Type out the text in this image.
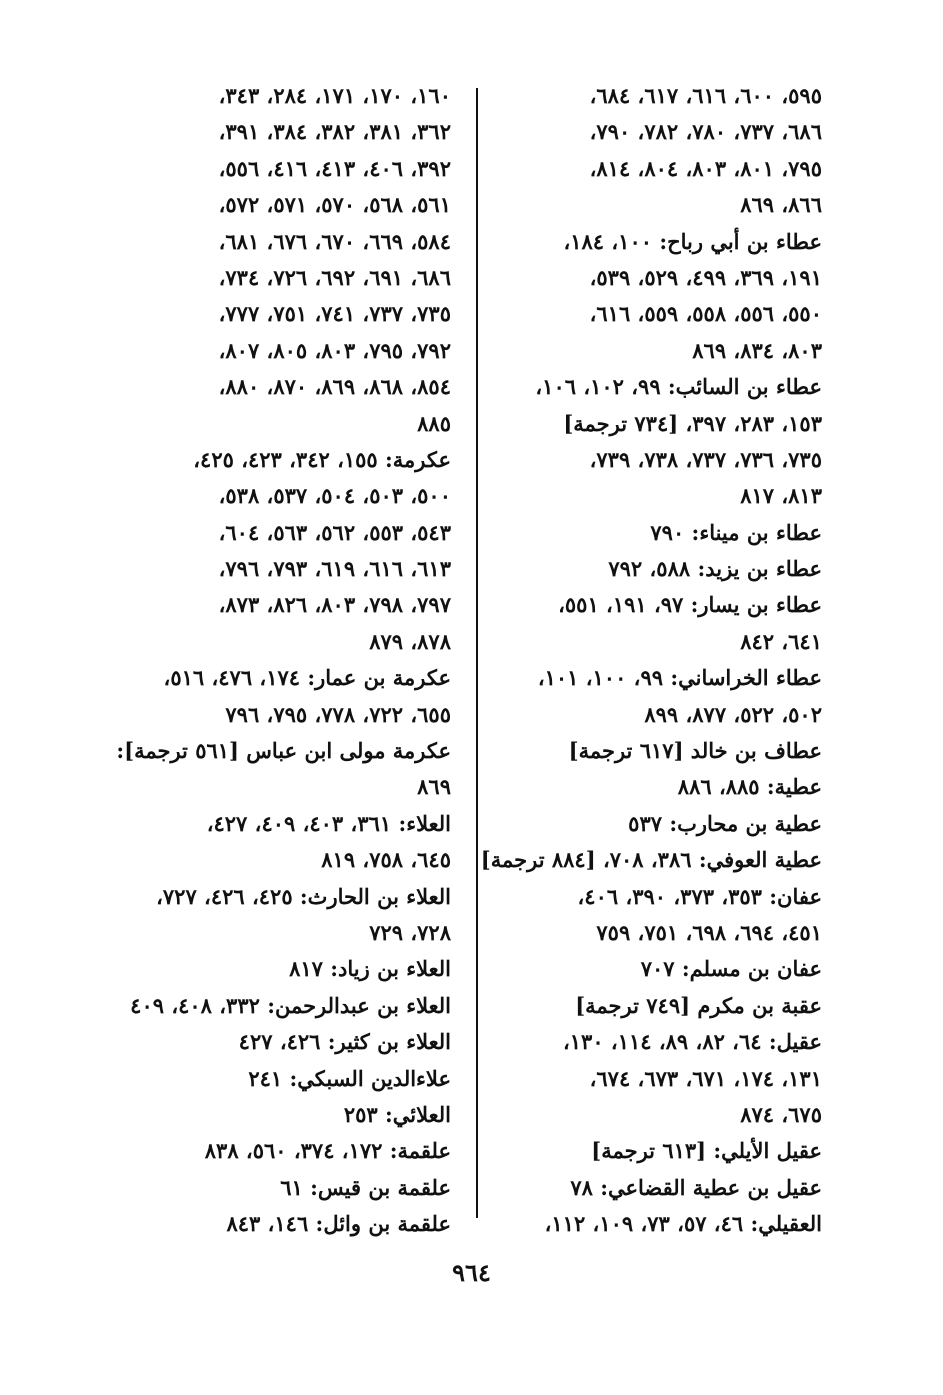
٥٩٥، ٦٠٠، ٦١٦، ٦١٧، ٦٨٤،
٦٨٦، ٧٣٧، ٧٨٠، ٧٨٢، ٧٩٠،
٧٩٥، ٨٠١، ٨٠٣، ٨٠٤، ٨١٤،
٨٦٦، ٨٦٩
عطاء بن أبي رباح: ١٠٠، ١٨٤،
١٩١، ٣٦٩، ٤٩٩، ٥٢٩، ٥٣٩،
٥٥٠، ٥٥٦، ٥٥٨، ٥٥٩، ٦١٦،
٨٠٣، ٨٣٤، ٨٦٩
عطاء بن السائب: ٩٩، ١٠٢، ١٠٦،
١٥٣، ٢٨٣، ٣٩٧، [٧٣٤ ترجمة]
٧٣٥، ٧٣٦، ٧٣٧، ٧٣٨، ٧٣٩،
٨١٣، ٨١٧
عطاء بن ميناء: ٧٩٠
عطاء بن يزيد: ٥٨٨، ٧٩٢
عطاء بن يسار: ٩٧، ١٩١، ٥٥١،
٦٤١، ٨٤٢
عطاء الخراساني: ٩٩، ١٠٠، ١٠١،
٥٠٢، ٥٢٢، ٨٧٧، ٨٩٩
عطاف بن خالد [٦١٧ ترجمة]
عطية: ٨٨٥، ٨٨٦
عطية بن محارب: ٥٣٧
عطية العوفي: ٣٨٦، ٧٠٨، [٨٨٤ ترجمة]
عفان: ٣٥٣، ٣٧٣، ٣٩٠، ٤٠٦،
٤٥١، ٦٩٤، ٦٩٨، ٧٥١، ٧٥٩
عفان بن مسلم: ٧٠٧
عقبة بن مكرم [٧٤٩ ترجمة]
عقيل: ٦٤، ٨٢، ٨٩، ١١٤، ١٣٠،
١٣١، ١٧٤، ٦٧١، ٦٧٣، ٦٧٤،
٦٧٥، ٨٧٤
عقيل الأيلي: [٦١٣ ترجمة]
عقيل بن عطية القضاعي: ٧٨
العقيلي: ٤٦، ٥٧، ٧٣، ١٠٩، ١١٢،
١٦٠، ١٧٠، ١٧١، ٢٨٤، ٣٤٣،
٣٦٢، ٣٨١، ٣٨٢، ٣٨٤، ٣٩١،
٣٩٢، ٤٠٦، ٤١٣، ٤١٦، ٥٥٦،
٥٦١، ٥٦٨، ٥٧٠، ٥٧١، ٥٧٢،
٥٨٤، ٦٦٩، ٦٧٠، ٦٧٦، ٦٨١،
٦٨٦، ٦٩١، ٦٩٢، ٧٢٦، ٧٣٤،
٧٣٥، ٧٣٧، ٧٤١، ٧٥١، ٧٧٧،
٧٩٢، ٧٩٥، ٨٠٣، ٨٠٥، ٨٠٧،
٨٥٤، ٨٦٨، ٨٦٩، ٨٧٠، ٨٨٠،
٨٨٥
عكرمة: ١٥٥، ٣٤٢، ٤٢٣، ٤٢٥،
٥٠٠، ٥٠٣، ٥٠٤، ٥٣٧، ٥٣٨،
٥٤٣، ٥٥٣، ٥٦٢، ٥٦٣، ٦٠٤،
٦١٣، ٦١٦، ٦١٩، ٧٩٣، ٧٩٦،
٧٩٧، ٧٩٨، ٨٠٣، ٨٢٦، ٨٧٣،
٨٧٨، ٨٧٩
عكرمة بن عمار: ١٧٤، ٤٧٦، ٥١٦،
٦٥٥، ٧٢٢، ٧٧٨، ٧٩٥، ٧٩٦
عكرمة مولى ابن عباس [٥٦١ ترجمة]:
٨٦٩
العلاء: ٣٦١، ٤٠٣، ٤٠٩، ٤٢٧،
٦٤٥، ٧٥٨، ٨١٩
العلاء بن الحارث: ٤٢٥، ٤٢٦، ٧٢٧،
٧٢٨، ٧٢٩
العلاء بن زياد: ٨١٧
العلاء بن عبدالرحمن: ٣٣٢، ٤٠٨، ٤٠٩
العلاء بن كثير: ٤٢٦، ٤٢٧
علاءالدين السبكي: ٢٤١
العلائي: ٢٥٣
علقمة: ١٧٢، ٣٧٤، ٥٦٠، ٨٣٨
علقمة بن قيس: ٦١
علقمة بن وائل: ١٤٦، ٨٤٣
٩٦٤
